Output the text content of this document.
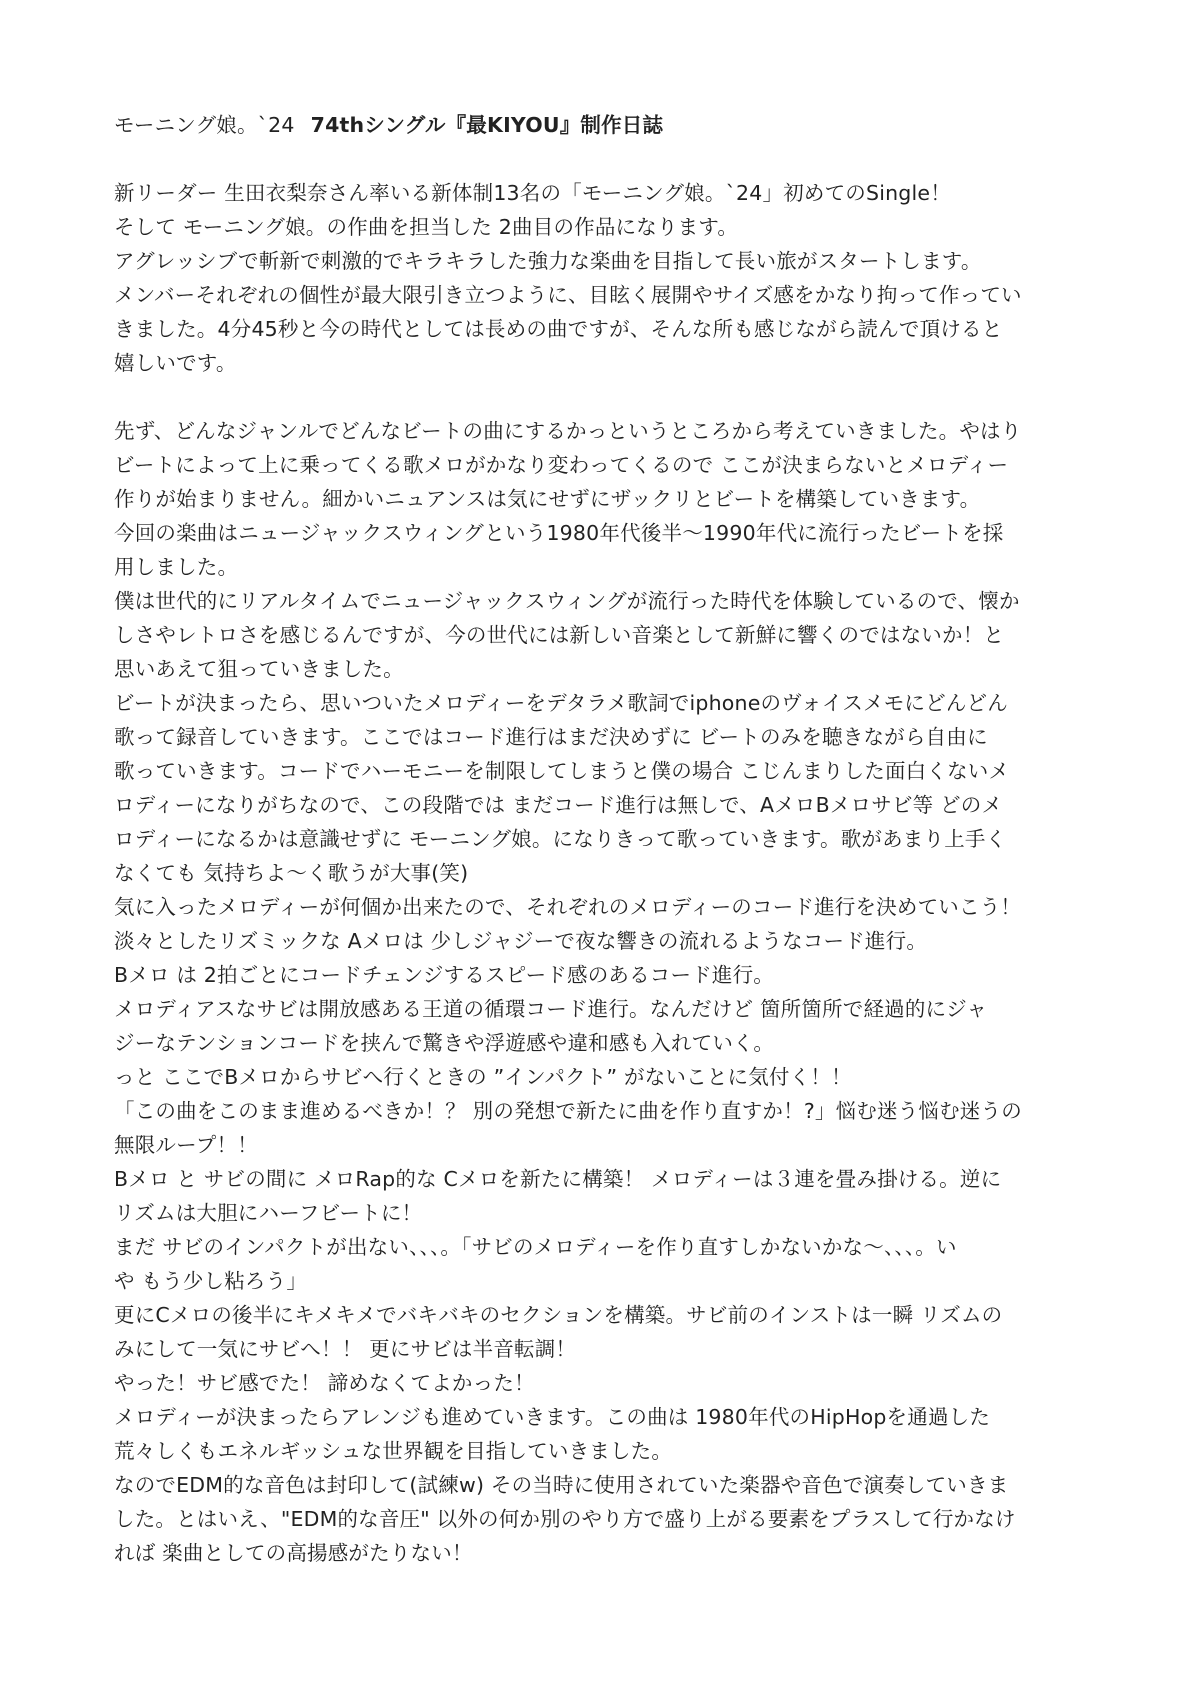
モーニング娘。`24 74thシングル『最KIYOU』制作日誌
新リーダー 生田衣梨奈さん率いる新体制13名の「モーニング娘。`24」初めてのSingle！
そして モーニング娘。の作曲を担当した 2曲目の作品になります。
アグレッシブで斬新で刺激的でキラキラした強力な楽曲を目指して長い旅がスタートします。
メンバーそれぞれの個性が最大限引き立つように、目眩く展開やサイズ感をかなり拘って作ってい
きました。4分45秒と今の時代としては長めの曲ですが、そんな所も感じながら読んで頂けると
嬉しいです。
先ず、どんなジャンルでどんなビートの曲にするかっというところから考えていきました。やはり
ビートによって上に乗ってくる歌メロがかなり変わってくるので ここが決まらないとメロディー
作りが始まりません。細かいニュアンスは気にせずにザックリとビートを構築していきます。
今回の楽曲はニュージャックスウィングという1980年代後半〜1990年代に流行ったビートを採
用しました。
僕は世代的にリアルタイムでニュージャックスウィングが流行った時代を体験しているので、懐か
しさやレトロさを感じるんですが、今の世代には新しい音楽として新鮮に響くのではないか！と
思いあえて狙っていきました。
ビートが決まったら、思いついたメロディーをデタラメ歌詞でiphoneのヴォイスメモにどんどん
歌って録音していきます。ここではコード進行はまだ決めずに ビートのみを聴きながら自由に
歌っていきます。コードでハーモニーを制限してしまうと僕の場合 こじんまりした面白くないメ
ロディーになりがちなので、この段階では まだコード進行は無しで、AメロBメロサビ等 どのメ
ロディーになるかは意識せずに モーニング娘。になりきって歌っていきます。歌があまり上手く
なくても 気持ちよ〜く歌うが大事(笑)
気に入ったメロディーが何個か出来たので、それぞれのメロディーのコード進行を決めていこう！
淡々としたリズミックな Aメロは 少しジャジーで夜な響きの流れるようなコード進行。
Bメロ は 2拍ごとにコードチェンジするスピード感のあるコード進行。
メロディアスなサビは開放感ある王道の循環コード進行。なんだけど 箇所箇所で経過的にジャ
ジーなテンションコードを挟んで驚きや浮遊感や違和感も入れていく。
っと ここでBメロからサビへ行くときの ”インパクト” がないことに気付く！！
「この曲をこのまま進めるべきか！？ 別の発想で新たに曲を作り直すか！?」悩む迷う悩む迷うの
無限ループ！！
Bメロ と サビの間に メロRap的な Cメロを新たに構築！ メロディーは３連を畳み掛ける。逆に
リズムは大胆にハーフビートに！
まだ サビのインパクトが出ない、、、。「サビのメロディーを作り直すしかないかな〜、、、。い
や もう少し粘ろう」
更にCメロの後半にキメキメでバキバキのセクションを構築。サビ前のインストは一瞬 リズムの
みにして一気にサビへ！！ 更にサビは半音転調！
やった！サビ感でた！ 諦めなくてよかった！
メロディーが決まったらアレンジも進めていきます。この曲は 1980年代のHipHopを通過した
荒々しくもエネルギッシュな世界観を目指していきました。
なのでEDM的な音色は封印して(試練w) その当時に使用されていた楽器や音色で演奏していきま
した。とはいえ、"EDM的な音圧" 以外の何か別のやり方で盛り上がる要素をプラスして行かなけ
れば 楽曲としての高揚感がたりない！
